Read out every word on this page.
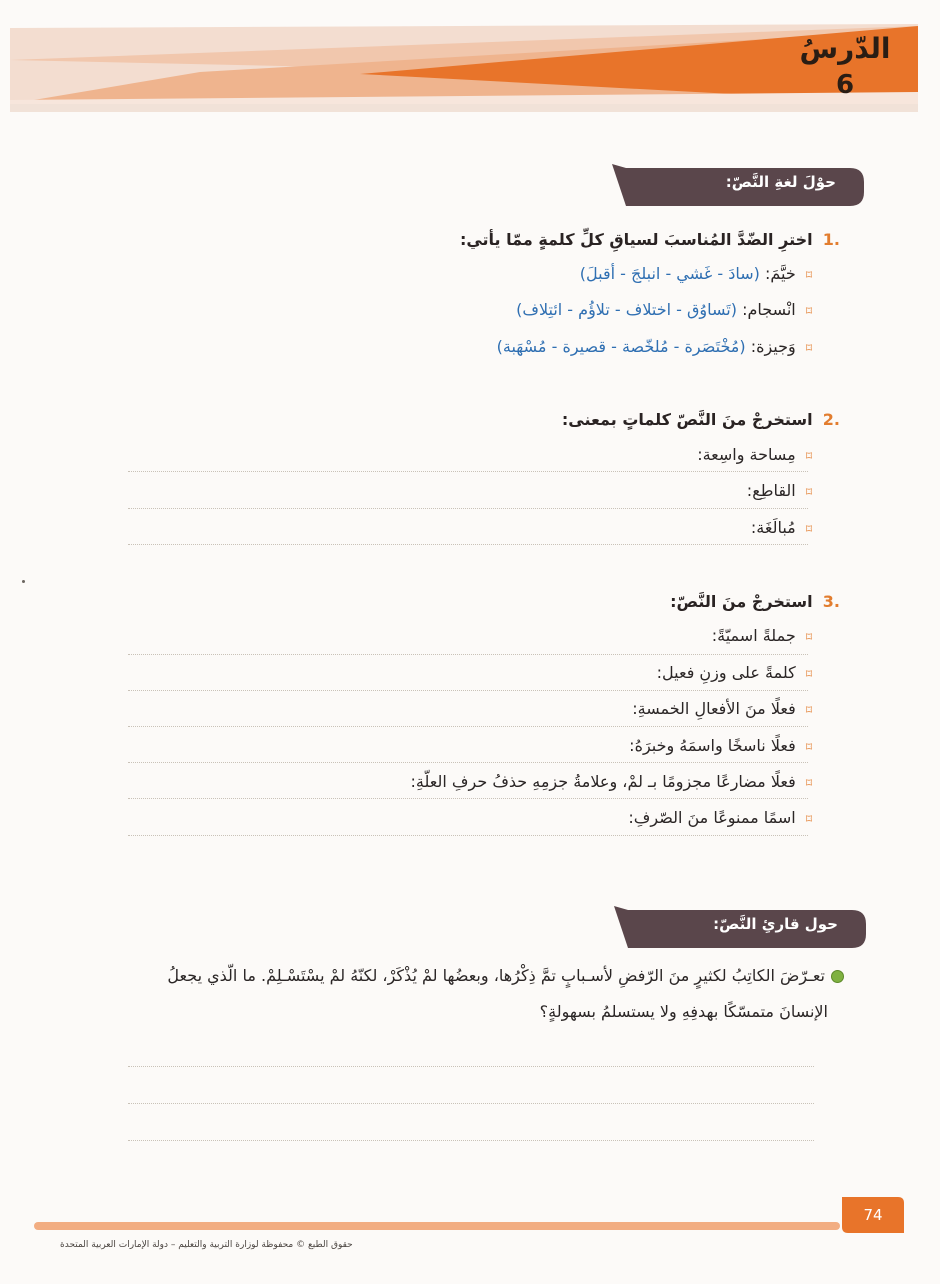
الدّرسُ
6
حوْلَ لغةِ النَّصّ:
.1  اخترِ الضّدَّ المُناسبَ لسياقِ كلِّ كلمةٍ ممّا يأتي:
⌑ خيَّمَ: (سادَ - غَشي - انبلجَ - أقبلَ)
⌑ انْسجام: (تَساوُق - اختلاف - تلاؤُم - ائتِلاف)
⌑ وَجيزة: (مُخْتَصَرة - مُلخّصة - قصيرة - مُسْهَبة)
.2  استخرجْ منَ النَّصّ كلماتٍ بمعنى:
⌑ مِساحة واسِعة:
⌑ القاطِع:
⌑ مُبالَغَة:
.3  استخرجْ منَ النَّصّ:
⌑ جملةً اسميّةً:
⌑ كلمةً على وزنِ فعيل:
⌑ فعلًا منَ الأفعالِ الخمسةِ:
⌑ فعلًا ناسخًا واسمَهُ وخبرَهُ:
⌑ فعلًا مضارعًا مجزومًا بـ لمْ، وعلامةُ جزمِهِ حذفُ حرفِ العلّةِ:
⌑ اسمًا ممنوعًا منَ الصّرفِ:
حول قارئِ النَّصّ:
تعـرّضَ الكاتِبُ لكثيرٍ منَ الرّفضِ لأسـبابٍ تمَّ ذِكْرُها، وبعضُها لمْ يُذْكَرْ، لكنّهُ لمْ يسْتَسْـلِمْ. ما الّذي يجعلُ
الإنسانَ متمسّكًا بهدفِهِ ولا يستسلمُ بسهولةٍ؟
74
حقوق الطبع © محفوظة لوزارة التربية والتعليم – دولة الإمارات العربية المتحدة
